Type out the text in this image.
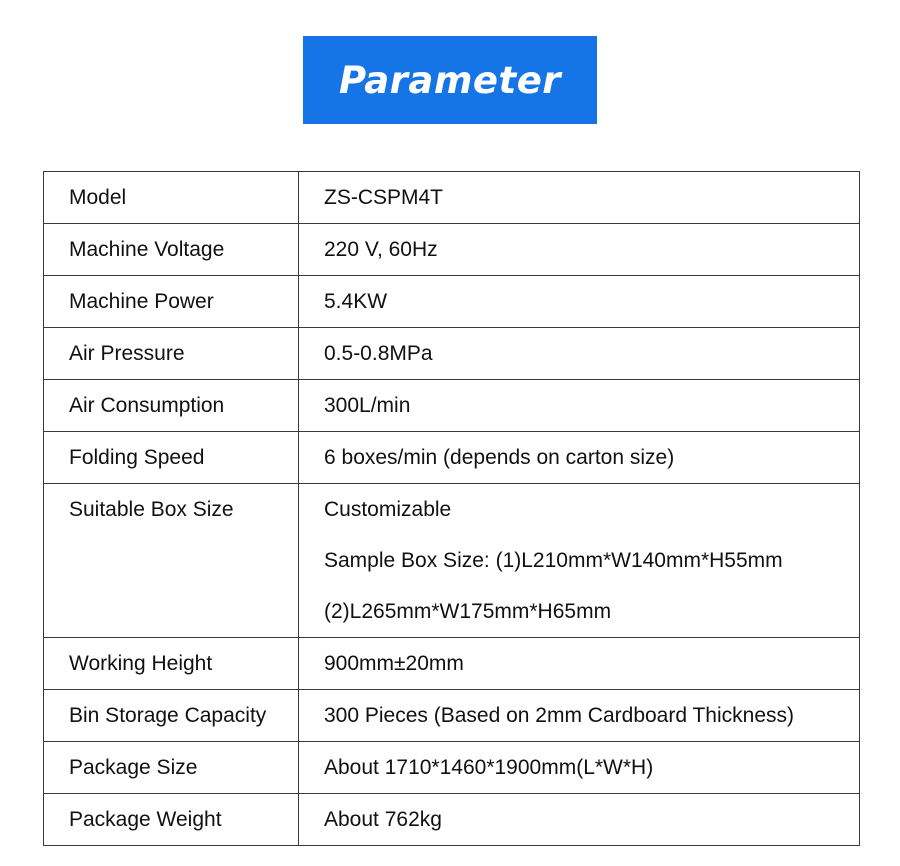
Parameter
Model	ZS-CSPM4T

Machine Voltage	220 V, 60Hz

Machine Power	5.4KW

Air Pressure	0.5-0.8MPa

Air Consumption	300L/min

Folding Speed	6 boxes/min (depends on carton size)

Suitable Box Size	Customizable
Sample Box Size: (1)L210mm*W140mm*H55mm
(2)L265mm*W175mm*H65mm

Working Height	900mm±20mm

Bin Storage Capacity	300 Pieces (Based on 2mm Cardboard Thickness)

Package Size	About 1710*1460*1900mm(L*W*H)

Package Weight	About 762kg
